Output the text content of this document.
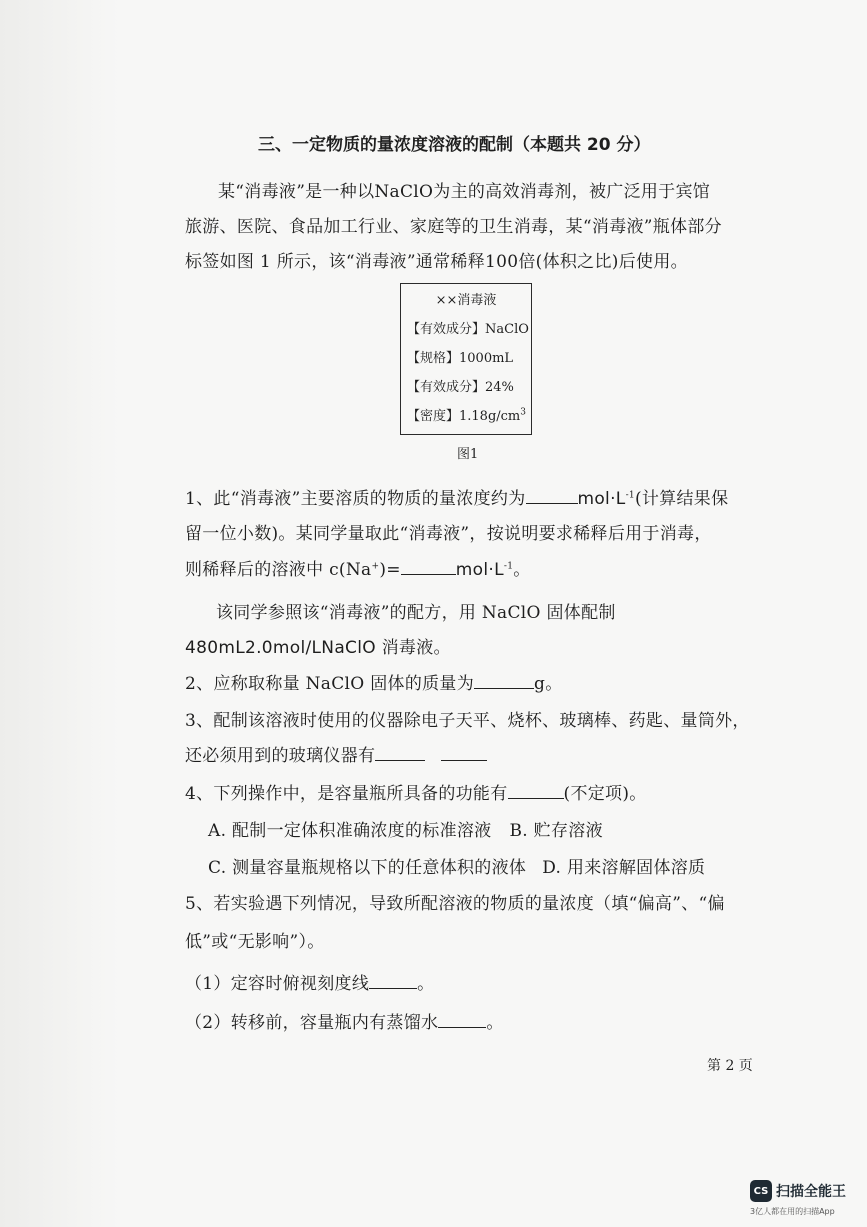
三、一定物质的量浓度溶液的配制（本题共 20 分）
某“消毒液”是一种以NaClO为主的高效消毒剂，被广泛用于宾馆
旅游、医院、食品加工行业、家庭等的卫生消毒，某“消毒液”瓶体部分
标签如图 1 所示，该“消毒液”通常稀释100倍(体积之比)后使用。
××消毒液
【有效成分】NaClO
【规格】1000mL
【有效成分】24%
【密度】$1.18g/cm^3$
图1
1、此“消毒液”主要溶质的物质的量浓度约为	$mol\cdot L^{-1}$(计算结果保
留一位小数)。某同学量取此“消毒液”，按说明要求稀释后用于消毒，
则稀释后的溶液中 c(Na+)=	$mol\cdot L^{-1}$。
该同学参照该“消毒液”的配方，用 NaClO 固体配制
480mL2.0mol/LNaClO 消毒液。
2、应称取称量 NaClO 固体的质量为	g。
3、配制该溶液时使用的仪器除电子天平、烧杯、玻璃棒、药匙、量筒外，
还必须用到的玻璃仪器有
4、下列操作中，是容量瓶所具备的功能有	(不定项)。
A. 配制一定体积准确浓度的标准溶液 B. 贮存溶液
C. 测量容量瓶规格以下的任意体积的液体 D. 用来溶解固体溶质
5、若实验遇下列情况，导致所配溶液的物质的量浓度（填“偏高”、“偏
低”或“无影响”）。
（1）定容时俯视刻度线	。
（2）转移前，容量瓶内有蒸馏水	。
第 2 页
CS 扫描全能王
3亿人都在用的扫描App
